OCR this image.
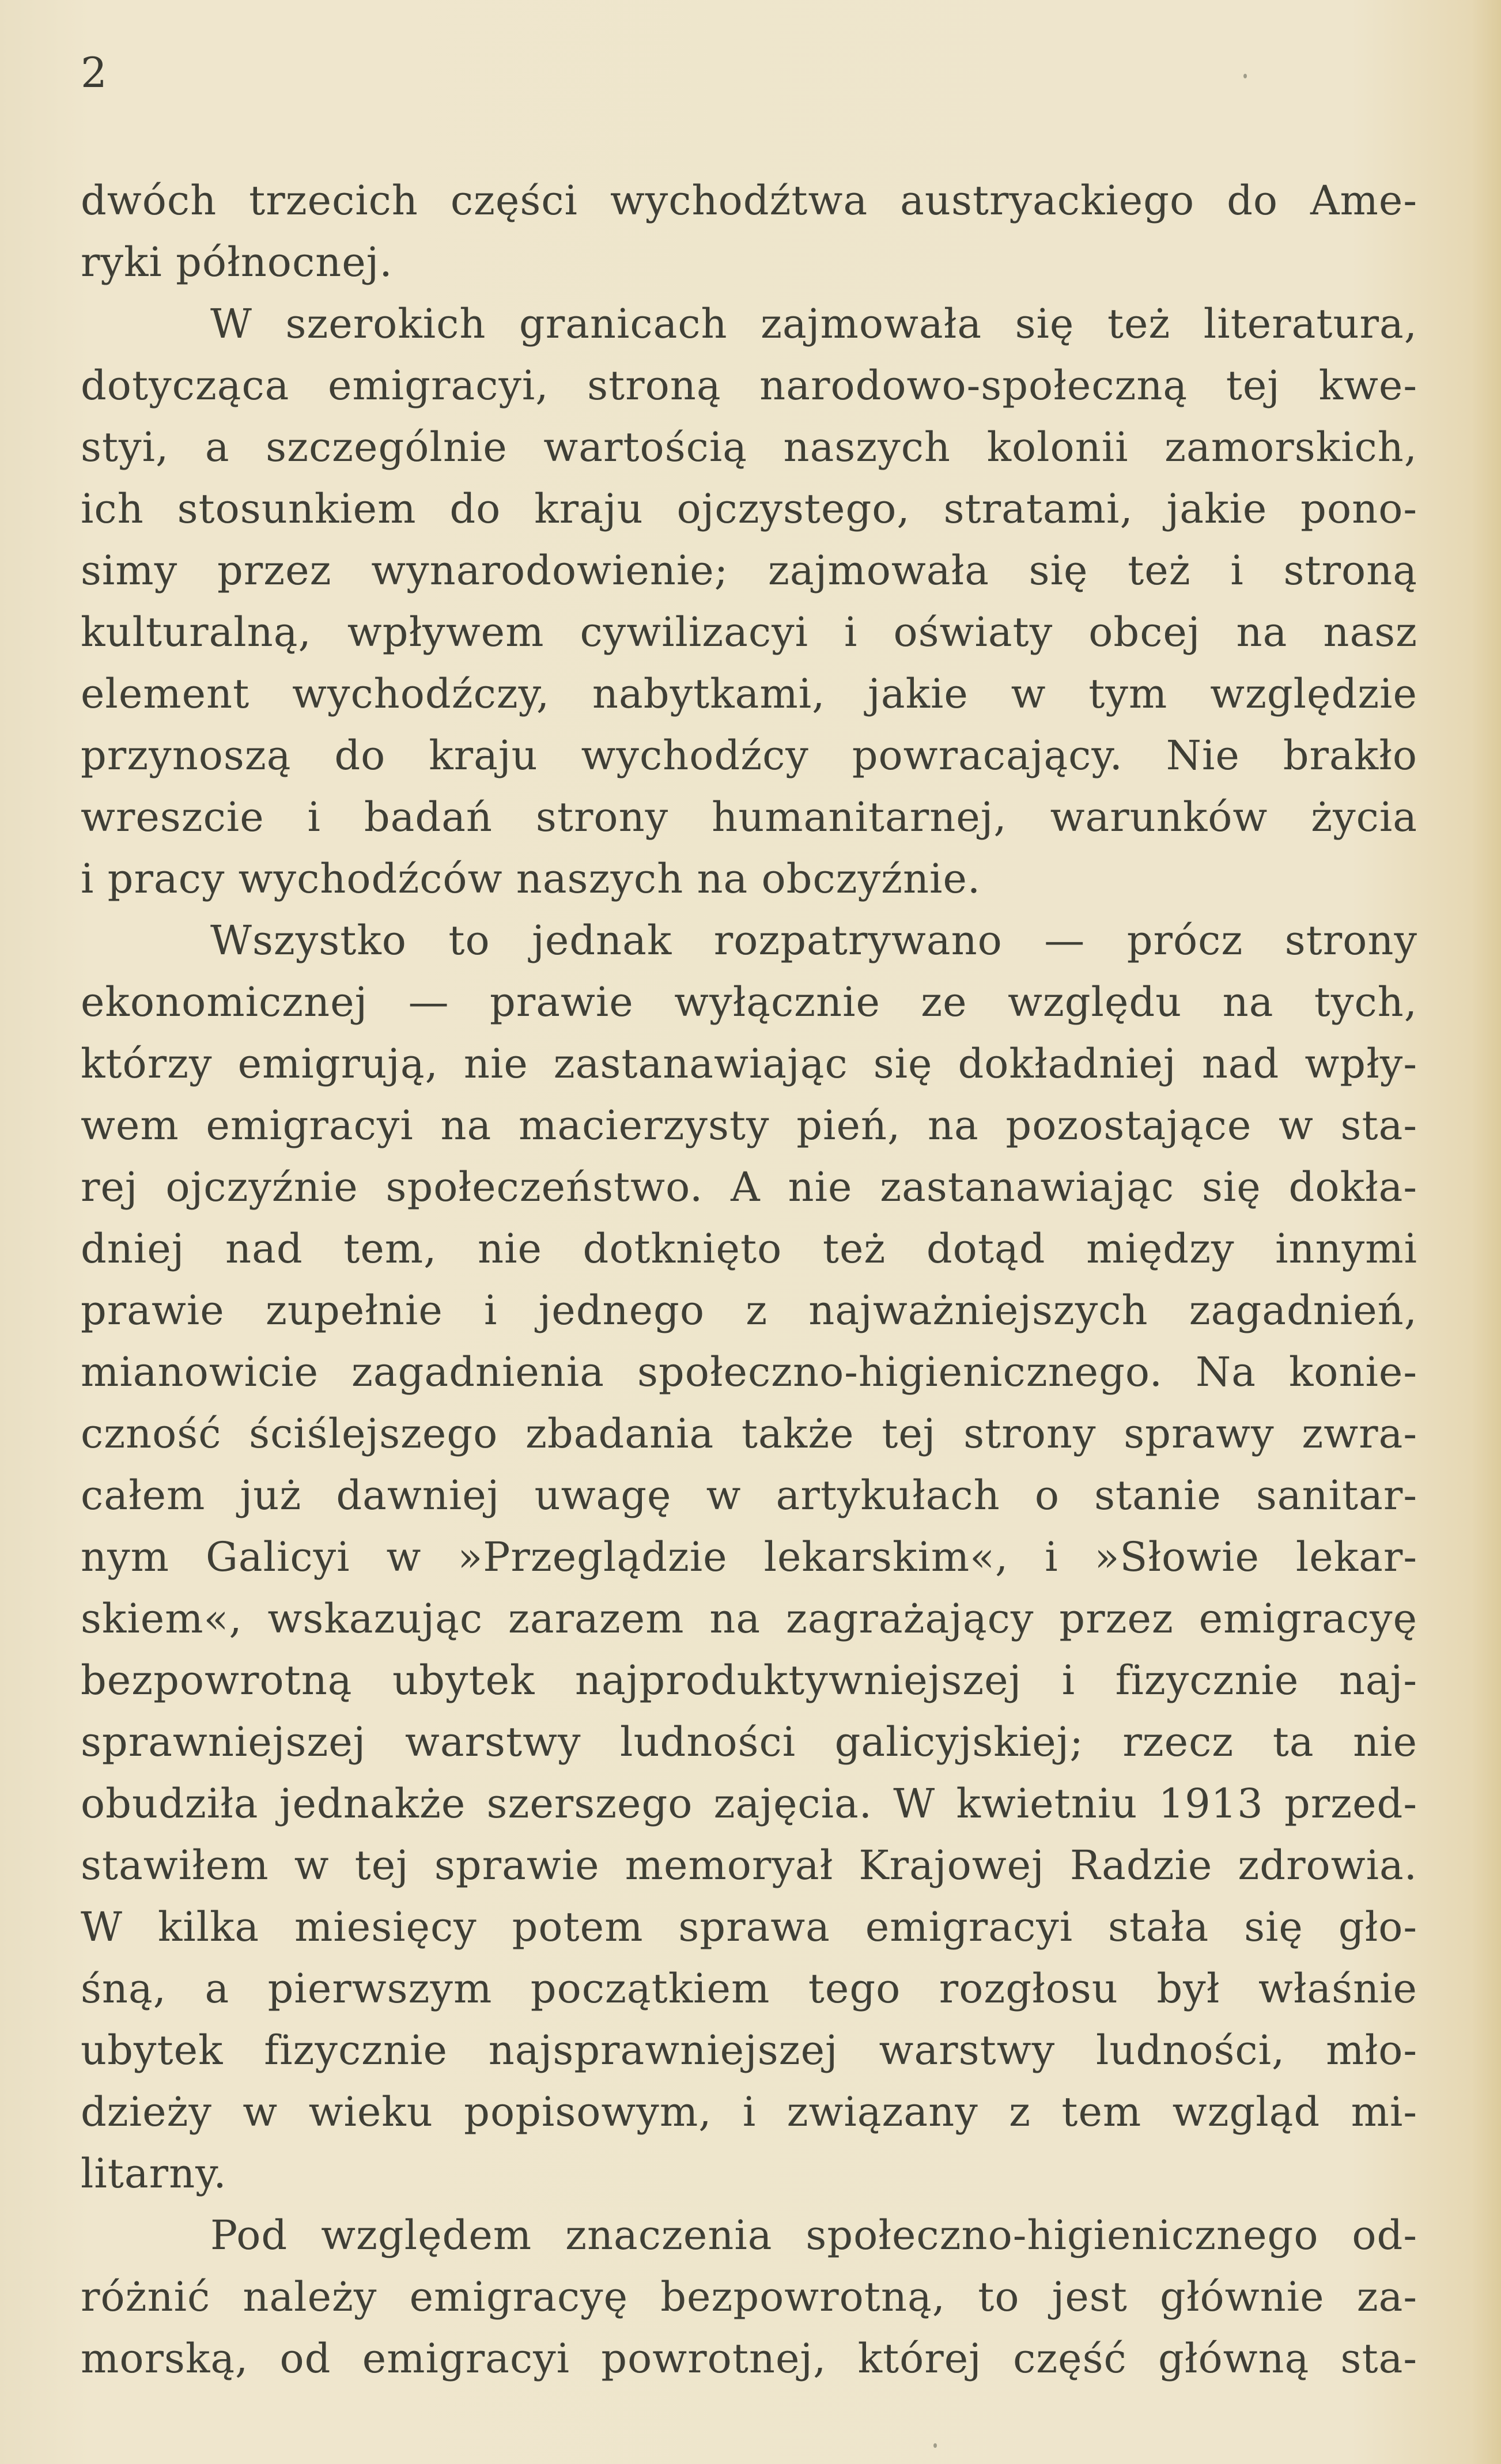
2
dwóch trzecich części wychodźtwa austryackiego do Ame-
ryki północnej.
W szerokich granicach zajmowała się też literatura,
dotycząca emigracyi, stroną narodowo-społeczną tej kwe-
styi, a szczególnie wartością naszych kolonii zamorskich,
ich stosunkiem do kraju ojczystego, stratami, jakie pono-
simy przez wynarodowienie; zajmowała się też i stroną
kulturalną, wpływem cywilizacyi i oświaty obcej na nasz
element wychodźczy, nabytkami, jakie w tym względzie
przynoszą do kraju wychodźcy powracający. Nie brakło
wreszcie i badań strony humanitarnej, warunków życia
i pracy wychodźców naszych na obczyźnie.
Wszystko to jednak rozpatrywano — prócz strony
ekonomicznej — prawie wyłącznie ze względu na tych,
którzy emigrują, nie zastanawiając się dokładniej nad wpły-
wem emigracyi na macierzysty pień, na pozostające w sta-
rej ojczyźnie społeczeństwo. A nie zastanawiając się dokła-
dniej nad tem, nie dotknięto też dotąd między innymi
prawie zupełnie i jednego z najważniejszych zagadnień,
mianowicie zagadnienia społeczno-higienicznego. Na konie-
czność ściślejszego zbadania także tej strony sprawy zwra-
całem już dawniej uwagę w artykułach o stanie sanitar-
nym Galicyi w »Przeglądzie lekarskim«, i »Słowie lekar-
skiem«, wskazując zarazem na zagrażający przez emigracyę
bezpowrotną ubytek najproduktywniejszej i fizycznie naj-
sprawniejszej warstwy ludności galicyjskiej; rzecz ta nie
obudziła jednakże szerszego zajęcia. W kwietniu 1913 przed-
stawiłem w tej sprawie memoryał Krajowej Radzie zdrowia.
W kilka miesięcy potem sprawa emigracyi stała się gło-
śną, a pierwszym początkiem tego rozgłosu był właśnie
ubytek fizycznie najsprawniejszej warstwy ludności, mło-
dzieży w wieku popisowym, i związany z tem wzgląd mi-
litarny.
Pod względem znaczenia społeczno-higienicznego od-
różnić należy emigracyę bezpowrotną, to jest głównie za-
morską, od emigracyi powrotnej, której część główną sta-
